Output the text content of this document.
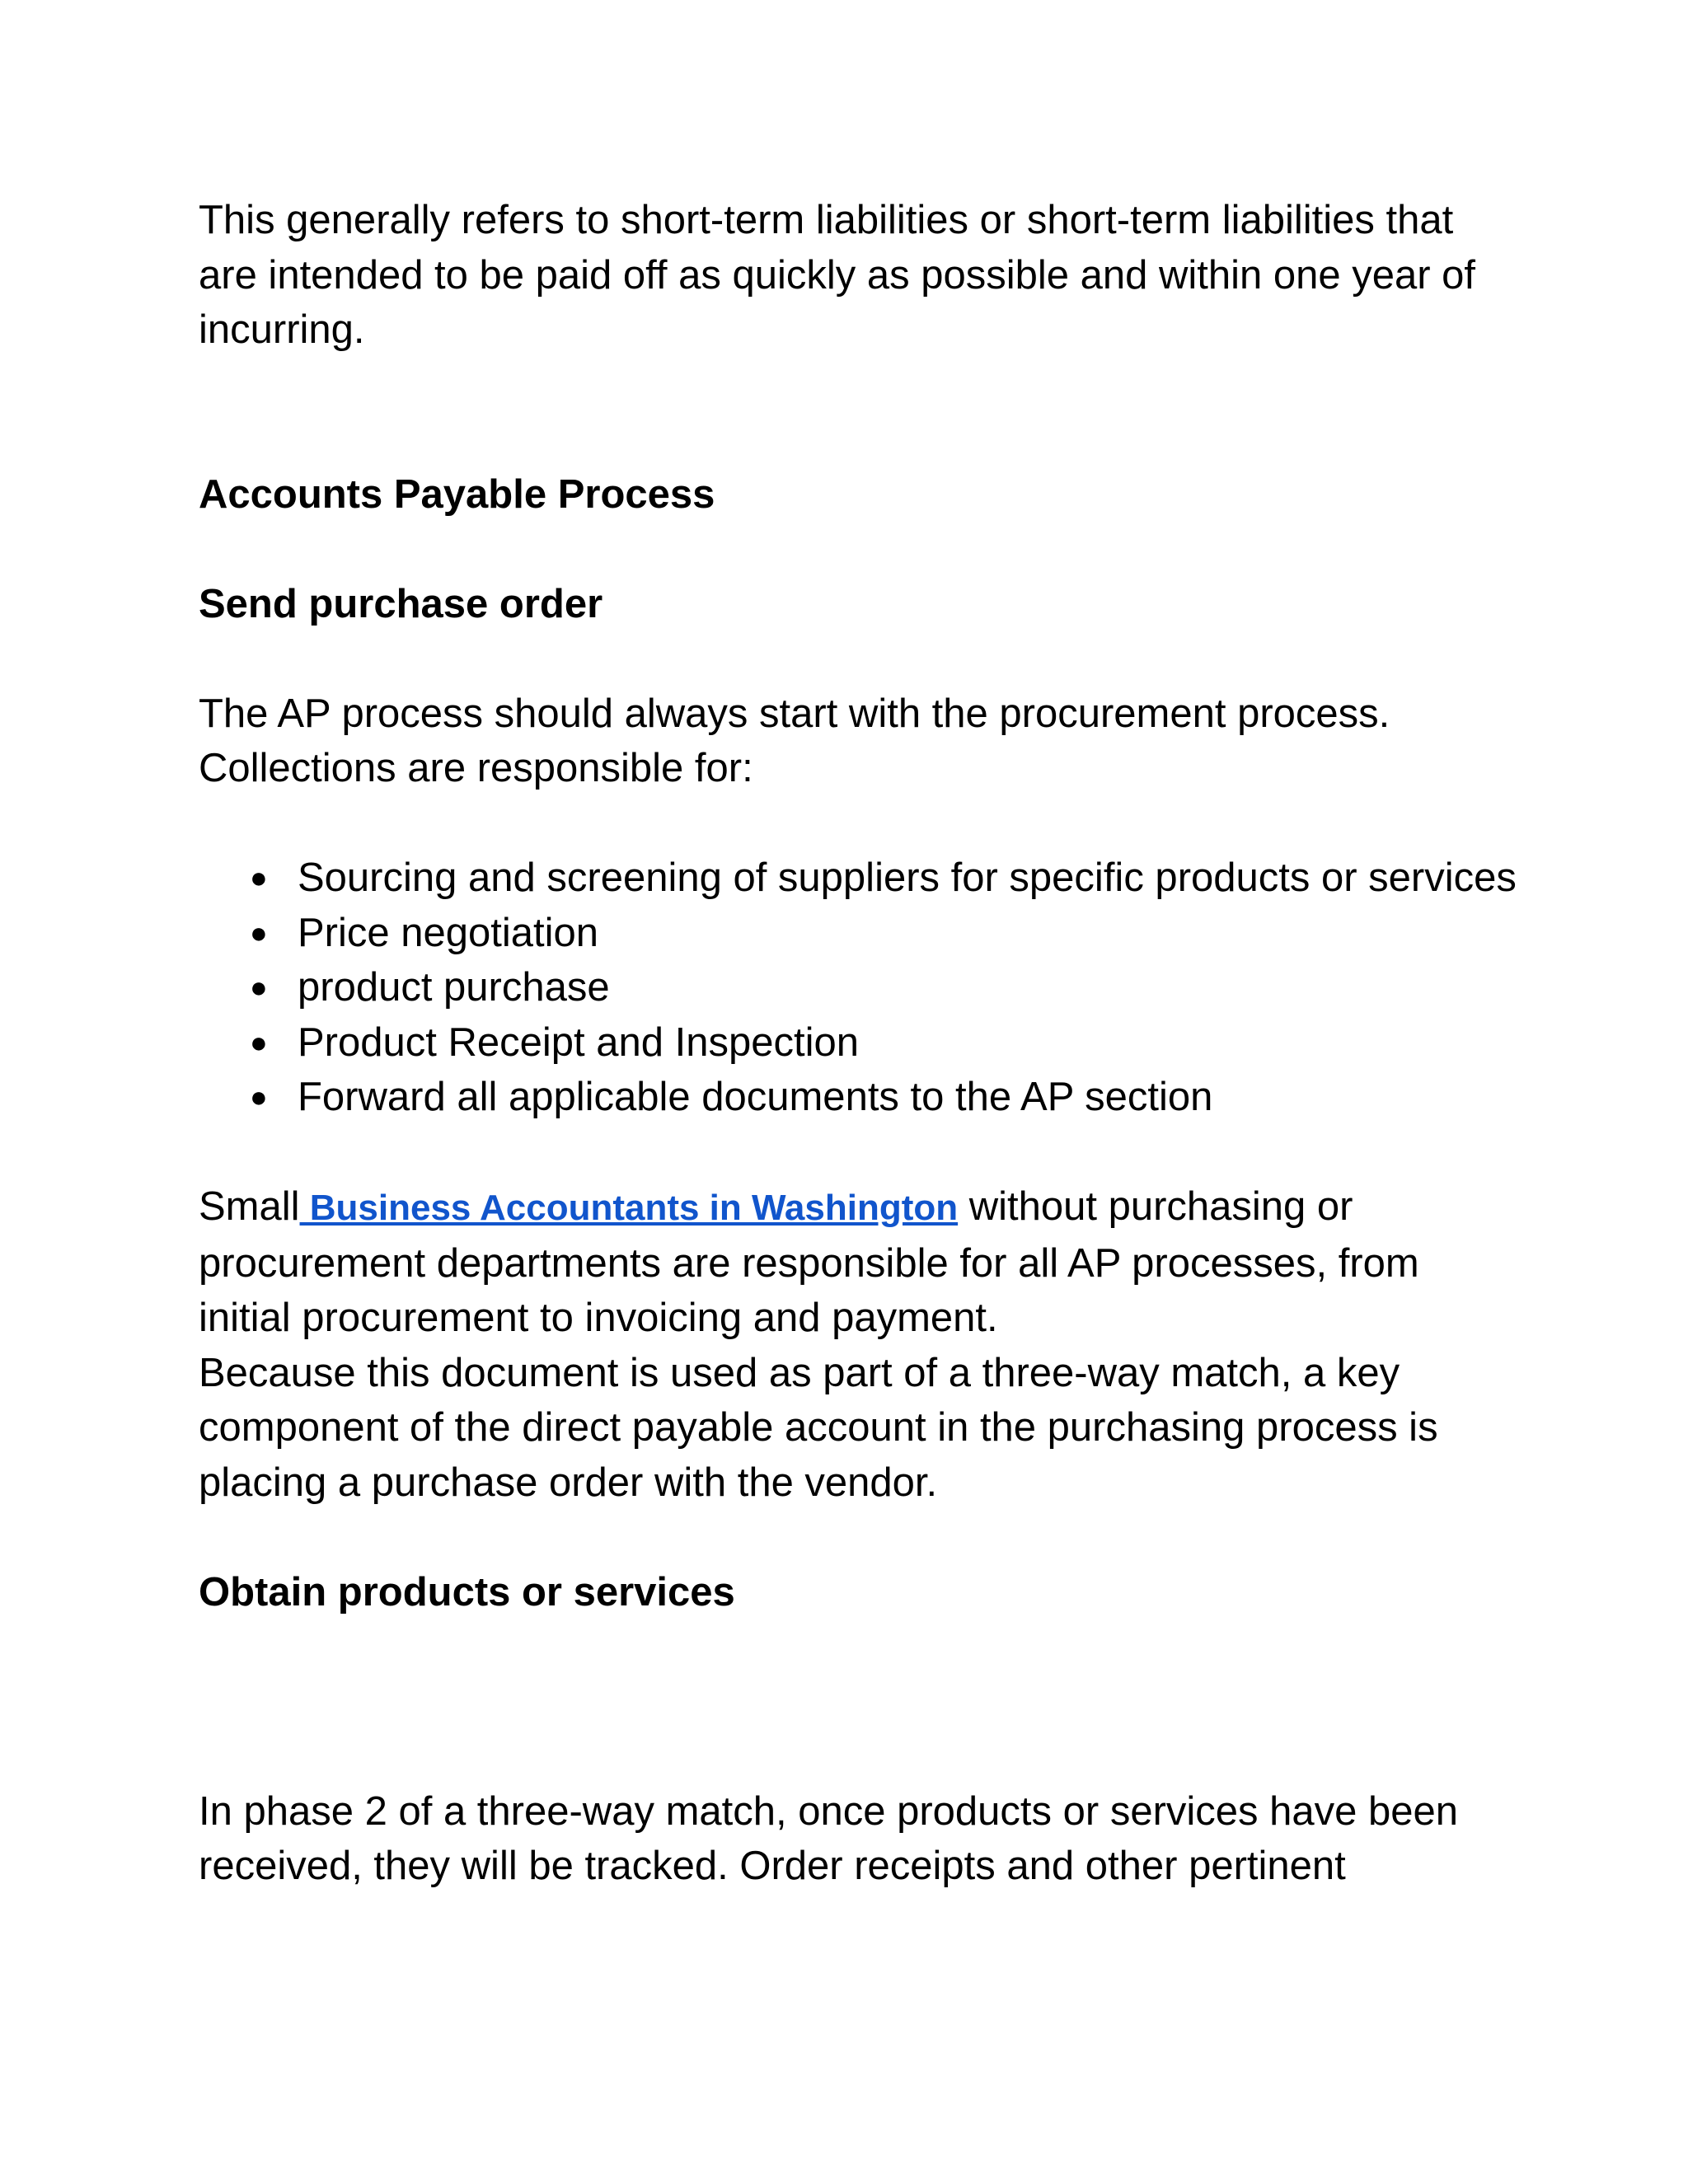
This generally refers to short-term liabilities or short-term liabilities that are intended to be paid off as quickly as possible and within one year of incurring.

Accounts Payable Process

Send purchase order

The AP process should always start with the procurement process. Collections are responsible for:

● Sourcing and screening of suppliers for specific products or services
● Price negotiation
● product purchase
● Product Receipt and Inspection
● Forward all applicable documents to the AP section

Small Business Accountants in Washington without purchasing or procurement departments are responsible for all AP processes, from initial procurement to invoicing and payment.

Because this document is used as part of a three-way match, a key component of the direct payable account in the purchasing process is placing a purchase order with the vendor.

Obtain products or services

In phase 2 of a three-way match, once products or services have been received, they will be tracked. Order receipts and other pertinent
